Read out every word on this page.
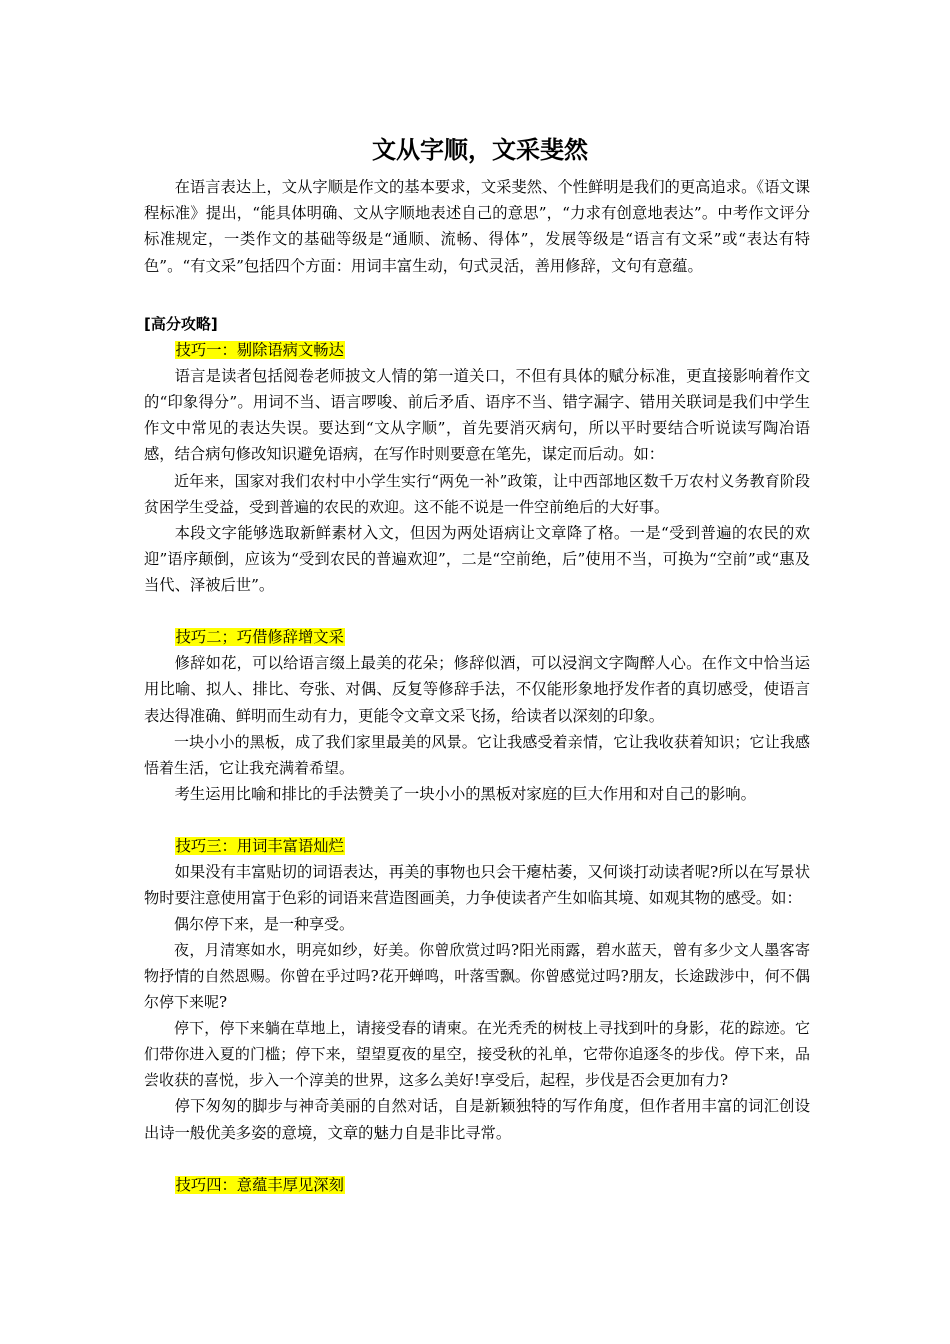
文从字顺，文采斐然

在语言表达上，文从字顺是作文的基本要求，文采斐然、个性鲜明是我们的更高追求。《语文课程标准》提出，“能具体明确、文从字顺地表述自己的意思”，“力求有创意地表达”。中考作文评分标准规定，一类作文的基础等级是“通顺、流畅、得体”，发展等级是“语言有文采”或“表达有特色”。“有文采”包括四个方面：用词丰富生动，句式灵活，善用修辞，文句有意蕴。

[高分攻略]

技巧一：剔除语病文畅达

语言是读者包括阅卷老师披文人情的第一道关口，不但有具体的赋分标准，更直接影响着作文的“印象得分”。用词不当、语言啰唆、前后矛盾、语序不当、错字漏字、错用关联词是我们中学生作文中常见的表达失误。要达到“文从字顺”，首先要消灭病句，所以平时要结合听说读写陶冶语感，结合病句修改知识避免语病，在写作时则要意在笔先，谋定而后动。如：

近年来，国家对我们农村中小学生实行“两免一补”政策，让中西部地区数千万农村义务教育阶段贫困学生受益，受到普遍的农民的欢迎。这不能不说是一件空前绝后的大好事。

本段文字能够选取新鲜素材入文，但因为两处语病让文章降了格。一是“受到普遍的农民的欢迎”语序颠倒，应该为“受到农民的普遍欢迎”，二是“空前绝，后”使用不当，可换为“空前”或“惠及当代、泽被后世”。

技巧二；巧借修辞增文采

修辞如花，可以给语言缀上最美的花朵；修辞似酒，可以浸润文字陶醉人心。在作文中恰当运用比喻、拟人、排比、夸张、对偶、反复等修辞手法，不仅能形象地抒发作者的真切感受，使语言表达得准确、鲜明而生动有力，更能令文章文采飞扬，给读者以深刻的印象。

一块小小的黑板，成了我们家里最美的风景。它让我感受着亲情，它让我收获着知识；它让我感悟着生活，它让我充满着希望。

考生运用比喻和排比的手法赞美了一块小小的黑板对家庭的巨大作用和对自己的影响。

技巧三：用词丰富语灿烂

如果没有丰富贴切的词语表达，再美的事物也只会干瘪枯萎，又何谈打动读者呢?所以在写景状物时要注意使用富于色彩的词语来营造图画美，力争使读者产生如临其境、如观其物的感受。如：

偶尔停下来，是一种享受。

夜，月清寒如水，明亮如纱，好美。你曾欣赏过吗?阳光雨露，碧水蓝天，曾有多少文人墨客寄物抒情的自然恩赐。你曾在乎过吗?花开蝉鸣，叶落雪飘。你曾感觉过吗?朋友，长途跋涉中，何不偶尔停下来呢?

停下，停下来躺在草地上，请接受春的请柬。在光秃秃的树枝上寻找到叶的身影，花的踪迹。它们带你进入夏的门槛；停下来，望望夏夜的星空，接受秋的礼单，它带你追逐冬的步伐。停下来，品尝收获的喜悦，步入一个淳美的世界，这多么美好!享受后，起程，步伐是否会更加有力?

停下匆匆的脚步与神奇美丽的自然对话，自是新颖独特的写作角度，但作者用丰富的词汇创设出诗一般优美多姿的意境，文章的魅力自是非比寻常。

技巧四：意蕴丰厚见深刻
